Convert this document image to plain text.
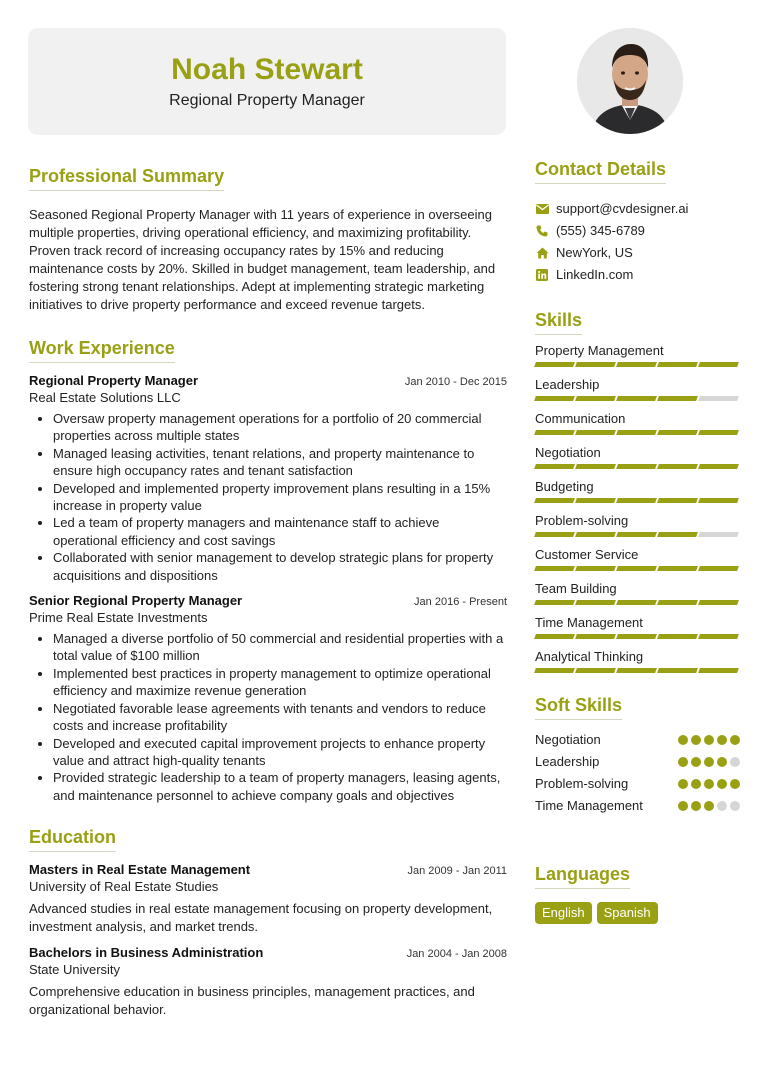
Noah Stewart
Regional Property Manager
Professional Summary

Seasoned Regional Property Manager with 11 years of experience in overseeing multiple properties, driving operational efficiency, and maximizing profitability. Proven track record of increasing occupancy rates by 15% and reducing maintenance costs by 20%. Skilled in budget management, team leadership, and fostering strong tenant relationships. Adept at implementing strategic marketing initiatives to drive property performance and exceed revenue targets.

Work Experience
Regional Property Manager	Jan 2010 - Dec 2015
Real Estate Solutions LLC
• Oversaw property management operations for a portfolio of 20 commercial properties across multiple states
• Managed leasing activities, tenant relations, and property maintenance to ensure high occupancy rates and tenant satisfaction
• Developed and implemented property improvement plans resulting in a 15% increase in property value
• Led a team of property managers and maintenance staff to achieve operational efficiency and cost savings
• Collaborated with senior management to develop strategic plans for property acquisitions and dispositions
Senior Regional Property Manager	Jan 2016 - Present
Prime Real Estate Investments
• Managed a diverse portfolio of 50 commercial and residential properties with a total value of $100 million
• Implemented best practices in property management to optimize operational efficiency and maximize revenue generation
• Negotiated favorable lease agreements with tenants and vendors to reduce costs and increase profitability
• Developed and executed capital improvement projects to enhance property value and attract high-quality tenants
• Provided strategic leadership to a team of property managers, leasing agents, and maintenance personnel to achieve company goals and objectives
Education
Masters in Real Estate Management	Jan 2009 - Jan 2011
University of Real Estate Studies

Advanced studies in real estate management focusing on property development, investment analysis, and market trends.

Bachelors in Business Administration	Jan 2004 - Jan 2008
State University

Comprehensive education in business principles, management practices, and organizational behavior.

Contact Details
support@cvdesigner.ai
(555) 345-6789
NewYork, US
LinkedIn.com
Skills
Property Management
Leadership
Communication
Negotiation
Budgeting
Problem-solving
Customer Service
Team Building
Time Management
Analytical Thinking
Soft Skills
Negotiation
Leadership
Problem-solving
Time Management
Languages
English	Spanish
